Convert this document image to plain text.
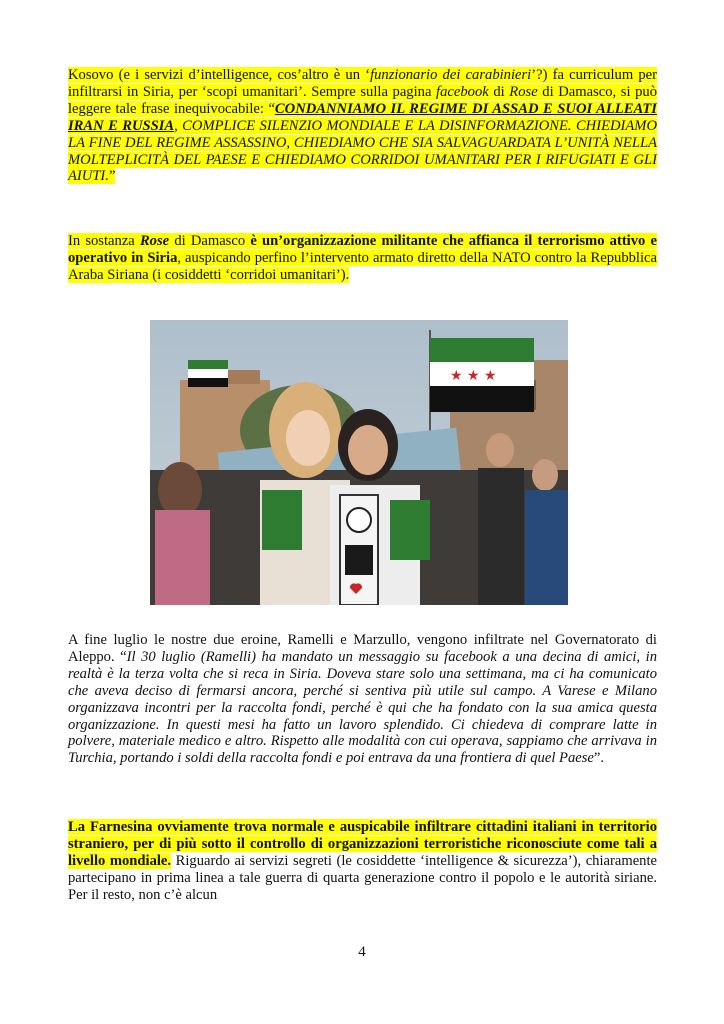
Kosovo (e i servizi d’intelligence, cos’altro è un ‘funzionario dei carabinieri’?) fa curriculum per infiltrarsi in Siria, per ‘scopi umanitari’. Sempre sulla pagina facebook di Rose di Damasco, si può leggere tale frase inequivocabile: “CONDANNIAMO IL REGIME DI ASSAD E SUOI ALLEATI IRAN E RUSSIA, COMPLICE SILENZIO MONDIALE E LA DISINFORMAZIONE. CHIEDIAMO LA FINE DEL REGIME ASSASSINO, CHIEDIAMO CHE SIA SALVAGUARDATA L’UNITÀ NELLA MOLTEPLICITÀ DEL PAESE E CHIEDIAMO CORRIDOI UMANITARI PER I RIFUGIATI E GLI AIUTI.”

In sostanza Rose di Damasco è un’organizzazione militante che affianca il terrorismo attivo e operativo in Siria, auspicando perfino l’intervento armato diretto della NATO contro la Repubblica Araba Siriana (i cosiddetti ‘corridoi umanitari’).

★ ★ ★

A fine luglio le nostre due eroine, Ramelli e Marzullo, vengono infiltrate nel Governatorato di Aleppo. “Il 30 luglio (Ramelli) ha mandato un messaggio su facebook a una decina di amici, in realtà è la terza volta che si reca in Siria. Doveva stare solo una settimana, ma ci ha comunicato che aveva deciso di fermarsi ancora, perché si sentiva più utile sul campo. A Varese e Milano organizzava incontri per la raccolta fondi, perché è qui che ha fondato con la sua amica questa organizzazione. In questi mesi ha fatto un lavoro splendido. Ci chiedeva di comprare latte in polvere, materiale medico e altro. Rispetto alle modalità con cui operava, sappiamo che arrivava in Turchia, portando i soldi della raccolta fondi e poi entrava da una frontiera di quel Paese”.

La Farnesina ovviamente trova normale e auspicabile infiltrare cittadini italiani in territorio straniero, per di più sotto il controllo di organizzazioni terroristiche riconosciute come tali a livello mondiale. Riguardo ai servizi segreti (le cosiddette ‘intelligence & sicurezza’), chiaramente partecipano in prima linea a tale guerra di quarta generazione contro il popolo e le autorità siriane. Per il resto, non c’è alcun

4
